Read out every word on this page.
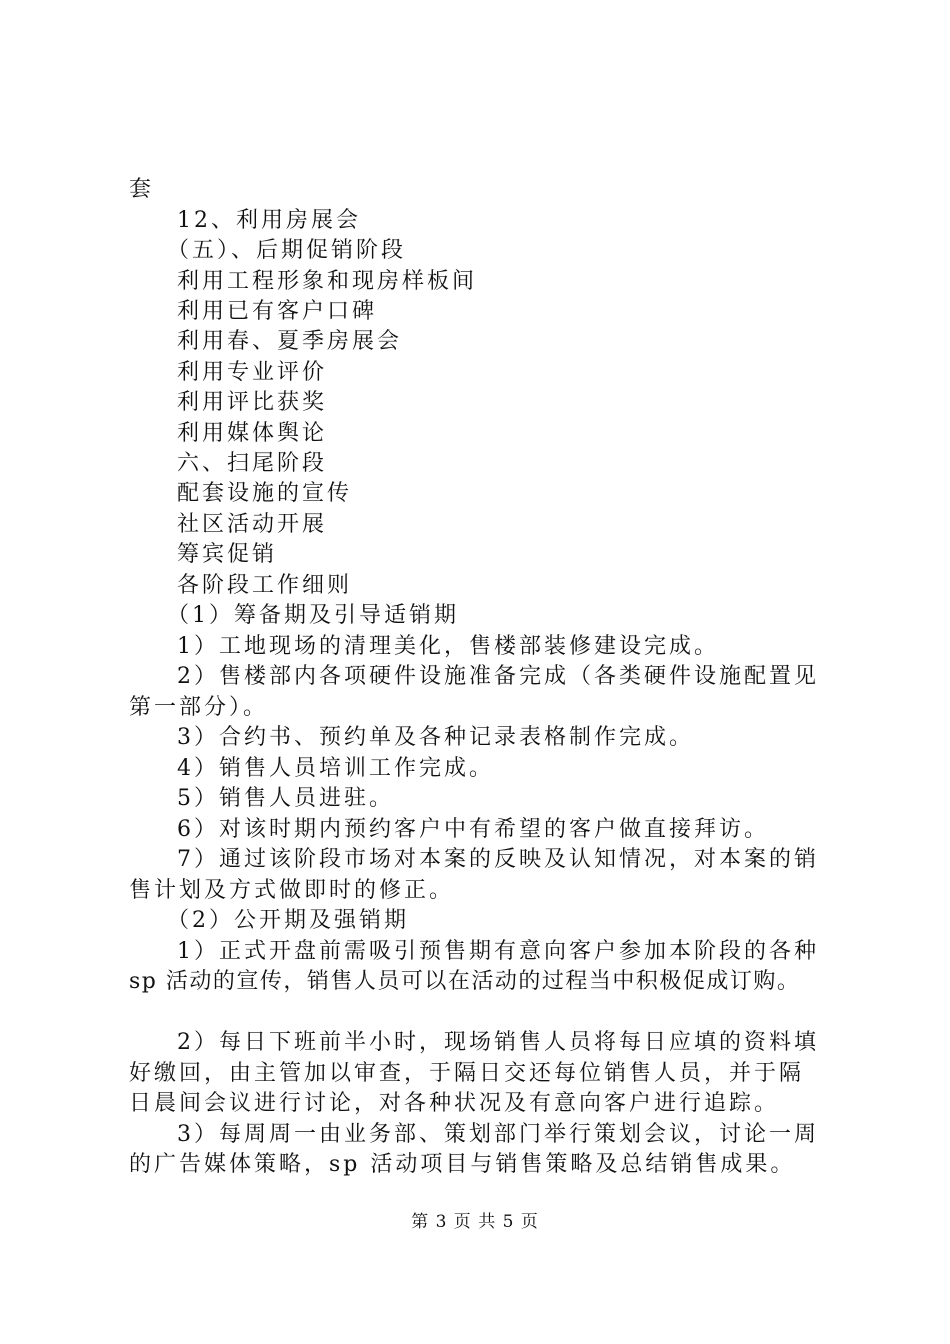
套
12、利用房展会
（五）、后期促销阶段
利用工程形象和现房样板间
利用已有客户口碑
利用春、夏季房展会
利用专业评价
利用评比获奖
利用媒体舆论
六、扫尾阶段
配套设施的宣传
社区活动开展
筹宾促销
各阶段工作细则
（1）筹备期及引导适销期
1）工地现场的清理美化，售楼部装修建设完成。
2）售楼部内各项硬件设施准备完成（各类硬件设施配置见
第一部分）。
3）合约书、预约单及各种记录表格制作完成。
4）销售人员培训工作完成。
5）销售人员进驻。
6）对该时期内预约客户中有希望的客户做直接拜访。
7）通过该阶段市场对本案的反映及认知情况，对本案的销
售计划及方式做即时的修正。
（2）公开期及强销期
1）正式开盘前需吸引预售期有意向客户参加本阶段的各种
sp 活动的宣传，销售人员可以在活动的过程当中积极促成订购。
2）每日下班前半小时，现场销售人员将每日应填的资料填
好缴回，由主管加以审查，于隔日交还每位销售人员，并于隔
日晨间会议进行讨论，对各种状况及有意向客户进行追踪。
3）每周周一由业务部、策划部门举行策划会议，讨论一周
的广告媒体策略，sp 活动项目与销售策略及总结销售成果。
第 3 页 共 5 页
